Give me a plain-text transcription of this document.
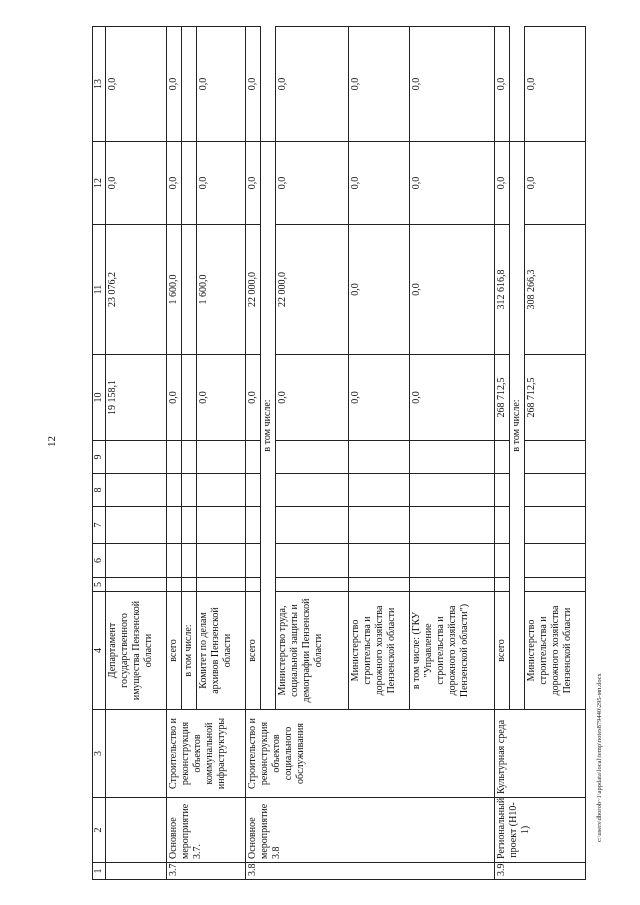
12
1	2	3	4	5	6	7	8	9	10	11	12	13
			Департамент государственного имущества Пензенской области						19 158,1	23 076,2	0,0	0,0
3.7.	Основное мероприятие 3.7.	Строительство и реконструкция объектов коммунальной инфраструктуры	всего						0,0	1 600,0	0,0	0,0
			в том числе:									
			Комитет по делам архивов Пензенской области						0,0	1 600,0	0,0	0,0
3.8.	Основное мероприятие 3.8	Строительство и реконструкция объектов социального обслуживания	всего						0,0	22 000,0	0,0	0,0
			в том числе:									
			Министерство труда, социальной защиты и демографии Пензенской области						0,0	22 000,0	0,0	0,0
			Министерство строительства и дорожного хозяйства Пензенской области						0,0	0,0	0,0	0,0
			в том числе: (ГКУ "Управление строительства и дорожного хозяйства Пензенской области")						0,0	0,0	0,0	0,0
3.9.	Региональный проект (Н10-1)	Культурная среда	всего						268 712,5	312 616,8	0,0	0,0
			в том числе:									
			Министерство строительства и дорожного хозяйства Пензенской области						268 712,5	308 266,3	0,0	0,0
c:\users\dborob~1\appdata\local\temp\notes879440\295-мп.docx
